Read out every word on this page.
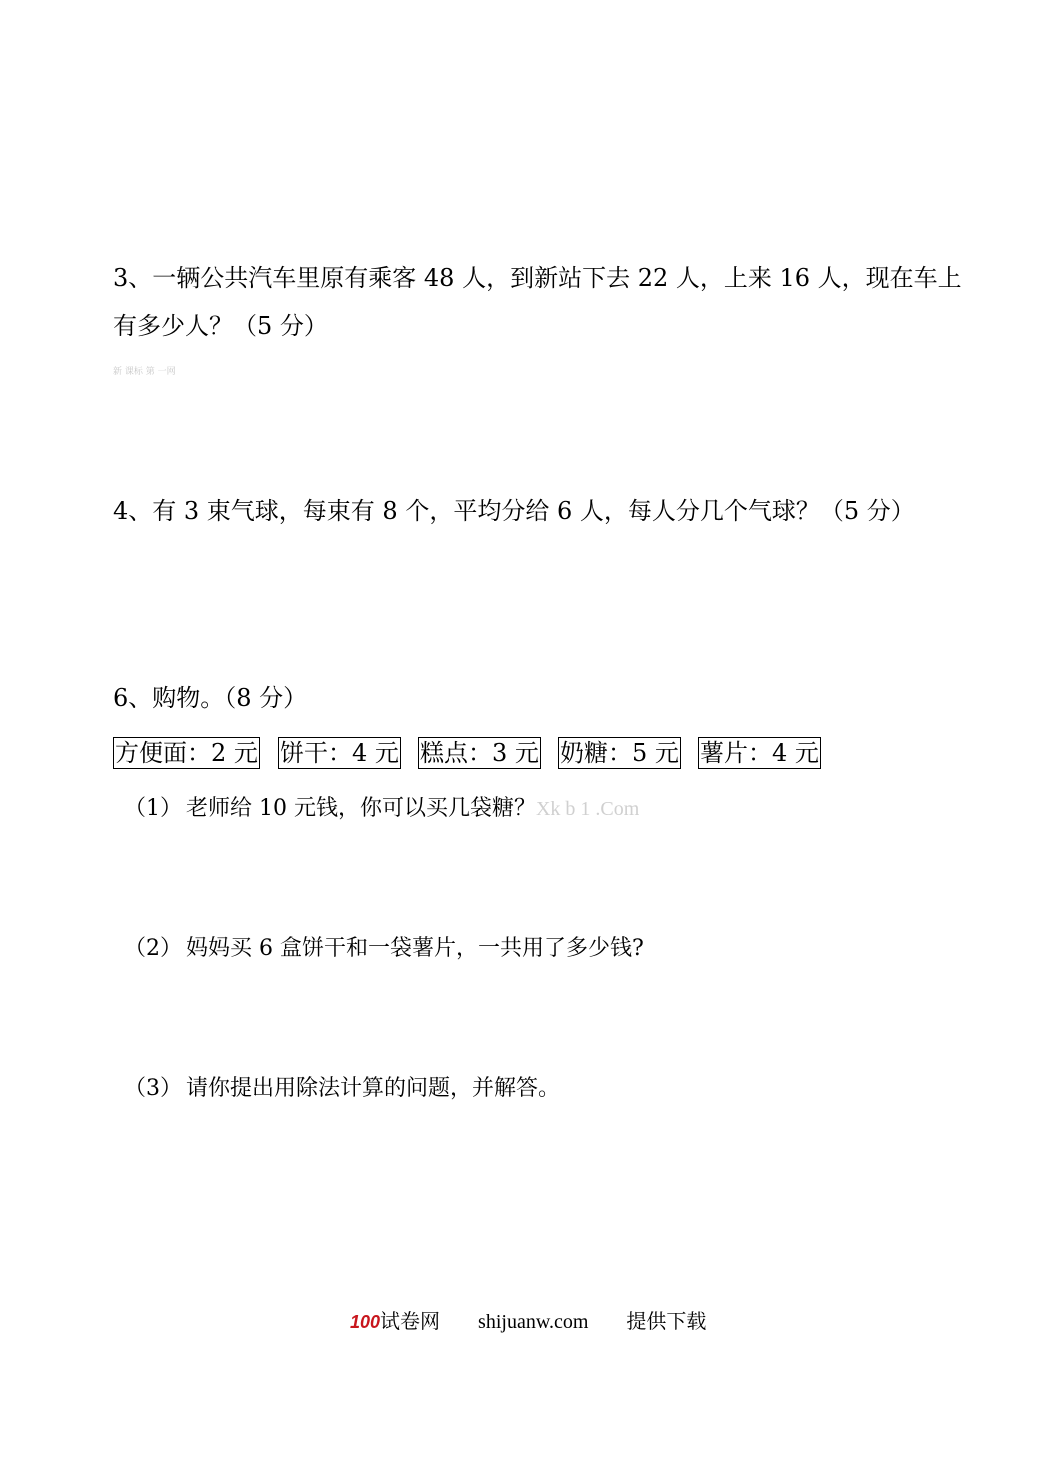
3、一辆公共汽车里原有乘客 48 人，到新站下去 22 人，上来 16 人，现在车上
有多少人？（5 分）
新 课标 第 一网
4、有 3 束气球，每束有 8 个，平均分给 6 人，每人分几个气球？（5 分）
6、购物。（8 分）
方便面：2 元 饼干：4 元 糕点：3 元 奶糖：5 元 薯片：4 元
（1） 老师给 10 元钱，你可以买几袋糖？Xk b 1 .Com
（2） 妈妈买 6 盒饼干和一袋薯片，一共用了多少钱?
（3） 请你提出用除法计算的问题，并解答。
100试卷网 shijuanw.com 提供下载
